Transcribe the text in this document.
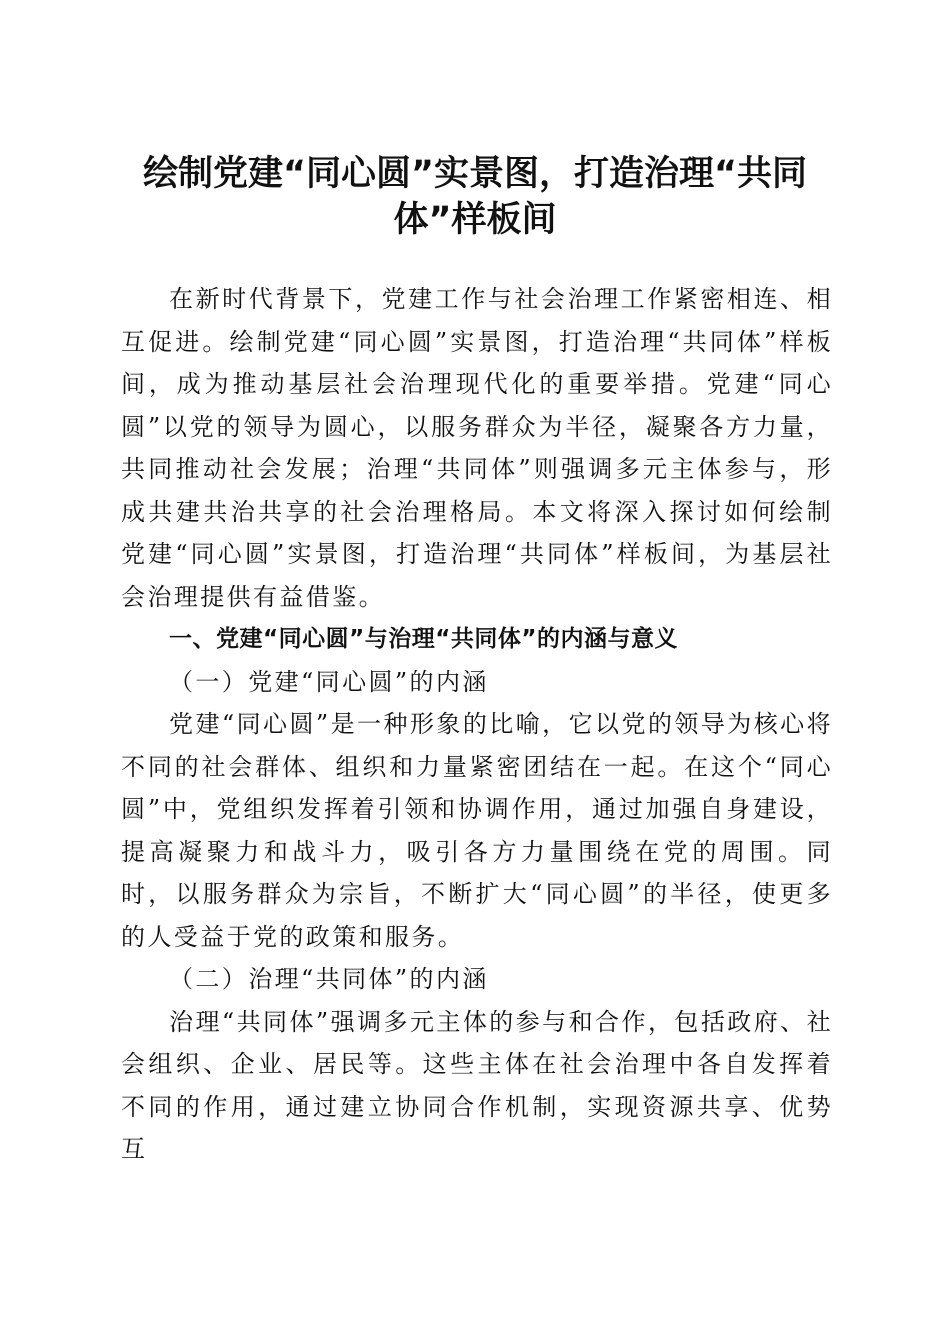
绘制党建“同心圆”实景图，打造治理“共同
体”样板间

在新时代背景下，党建工作与社会治理工作紧密相连、相互促进。绘制党建“同心圆”实景图，打造治理“共同体”样板间，成为推动基层社会治理现代化的重要举措。党建“同心圆”以党的领导为圆心，以服务群众为半径，凝聚各方力量，共同推动社会发展；治理“共同体”则强调多元主体参与，形成共建共治共享的社会治理格局。本文将深入探讨如何绘制党建“同心圆”实景图，打造治理“共同体”样板间，为基层社会治理提供有益借鉴。

一、党建“同心圆”与治理“共同体”的内涵与意义

（一）党建“同心圆”的内涵

党建“同心圆”是一种形象的比喻，它以党的领导为核心将不同的社会群体、组织和力量紧密团结在一起。在这个“同心圆”中，党组织发挥着引领和协调作用，通过加强自身建设，提高凝聚力和战斗力，吸引各方力量围绕在党的周围。同时，以服务群众为宗旨，不断扩大“同心圆”的半径，使更多的人受益于党的政策和服务。

（二）治理“共同体”的内涵

治理“共同体”强调多元主体的参与和合作，包括政府、社会组织、企业、居民等。这些主体在社会治理中各自发挥着不同的作用，通过建立协同合作机制，实现资源共享、优势互
